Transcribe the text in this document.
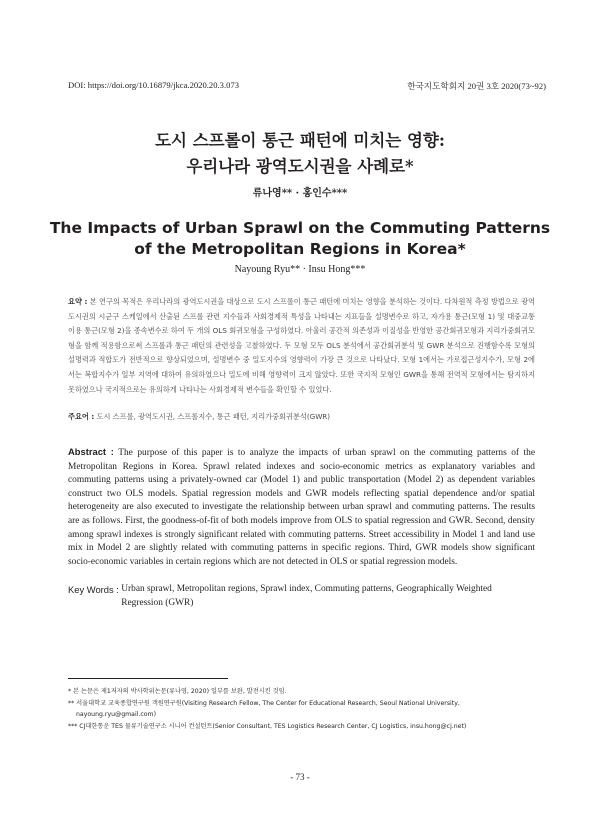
DOI: https://doi.org/10.16879/jkca.2020.20.3.073	한국지도학회지 20권 3호 2020(73~92)
도시 스프롤이 통근 패턴에 미치는 영향:
우리나라 광역도시권을 사례로*
류나영** · 홍인수***
The Impacts of Urban Sprawl on the Commuting Patterns
of the Metropolitan Regions in Korea*
Nayoung Ryu** · Insu Hong***
요약 : 본 연구의 목적은 우리나라의 광역도시권을 대상으로 도시 스프롤이 통근 패턴에 미치는 영향을 분석하는 것이다. 다차원적 측정 방법으로 광역도시권의 시군구 스케일에서 산출된 스프롤 관련 지수들과 사회경제적 특성을 나타내는 지표들을 설명변수로 하고, 자가용 통근(모형 1) 및 대중교통이용 통근(모형 2)을 종속변수로 하여 두 개의 OLS 회귀모형을 구성하였다. 아울러 공간적 의존성과 이질성을 반영한 공간회귀모형과 지리가중회귀모형을 함께 적용함으로써 스프롤과 통근 패턴의 관련성을 고찰하였다. 두 모형 모두 OLS 분석에서 공간회귀분석 및 GWR 분석으로 진행함수록 모형의 설명력과 적합도가 전반적으로 향상되었으며, 설명변수 중 밀도지수의 영향력이 가장 큰 것으로 나타났다. 모형 1에서는 가로접근성지수가, 모형 2에서는 복합지수가 일부 지역에 대하여 유의하였으나 밀도에 비해 영향력이 크지 않았다. 또한 국지적 모형인 GWR을 통해 전역적 모형에서는 탐지하지 못하였으나 국지적으로는 유의하게 나타나는 사회경제적 변수들을 확인할 수 있었다.
주요어 : 도시 스프롤, 광역도시권, 스프롤지수, 통근 패턴, 지리가중회귀분석(GWR)
Abstract : The purpose of this paper is to analyze the impacts of urban sprawl on the commuting patterns of the Metropolitan Regions in Korea. Sprawl related indexes and socio-economic metrics as explanatory variables and commuting patterns using a privately-owned car (Model 1) and public transportation (Model 2) as dependent variables construct two OLS models. Spatial regression models and GWR models reflecting spatial dependence and/or spatial heterogeneity are also executed to investigate the relationship between urban sprawl and commuting patterns. The results are as follows. First, the goodness-of-fit of both models improve from OLS to spatial regression and GWR. Second, density among sprawl indexes is strongly significant related with commuting patterns. Street accessibility in Model 1 and land use mix in Model 2 are slightly related with commuting patterns in specific regions. Third, GWR models show significant socio-economic variables in certain regions which are not detected in OLS or spatial regression models.
Key Words :
Urban sprawl, Metropolitan regions, Sprawl index, Commuting patterns, Geographically Weighted Regression (GWR)
* 본 논문은 제1저자의 박사학위논문(류나영, 2020) 일부를 보완, 발전시킨 것임.
** 서울대학교 교육종합연구원 객원연구원(Visiting Research Fellow, The Center for Educational Research, Seoul National University, nayoung.ryu@gmail.com)
*** CJ대한통운 TES 물류기술연구소 시니어 컨설턴트(Senior Consultant, TES Logistics Research Center, CJ Logistics, insu.hong@cj.net)
- 73 -
